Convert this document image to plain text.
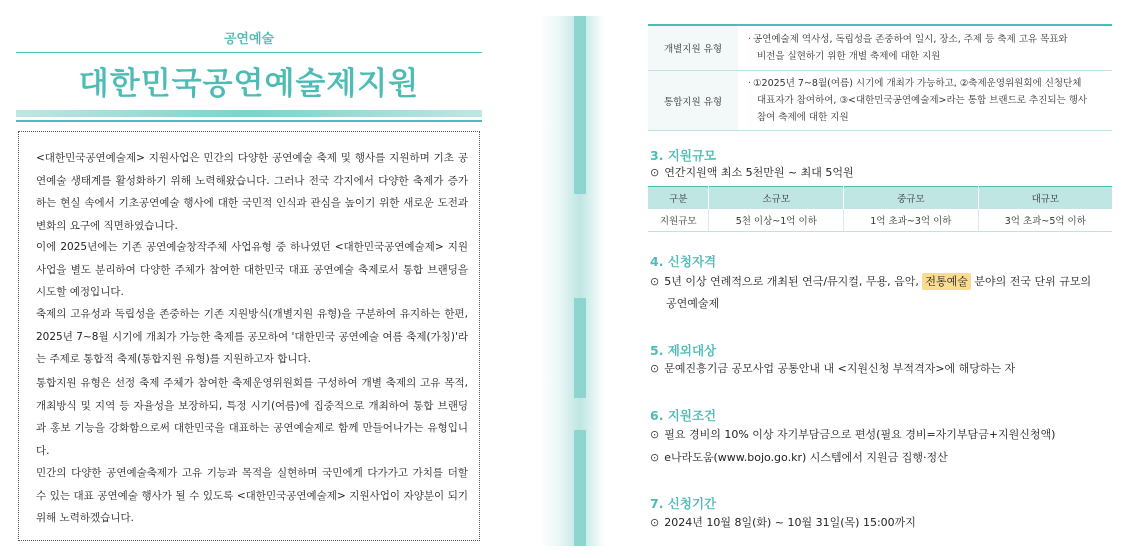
공연예술
대한민국공연예술제지원

<대한민국공연예술제> 지원사업은 민간의 다양한 공연예술 축제 및 행사를 지원하며 기초 공연예술 생태계를 활성화하기 위해 노력해왔습니다. 그러나 전국 각지에서 다양한 축제가 증가하는 현실 속에서 기초공연예술 행사에 대한 국민적 인식과 관심을 높이기 위한 새로운 도전과 변화의 요구에 직면하였습니다.

이에 2025년에는 기존 공연예술창작주체 사업유형 중 하나였던 <대한민국공연예술제> 지원사업을 별도 분리하여 다양한 주체가 참여한 대한민국 대표 공연예술 축제로서 통합 브랜딩을 시도할 예정입니다.

축제의 고유성과 독립성을 존중하는 기존 지원방식(개별지원 유형)을 구분하여 유지하는 한편, 2025년 7~8월 시기에 개최가 가능한 축제를 공모하여 '대한민국 공연예술 여름 축제(가칭)'라는 주제로 통합적 축제(통합지원 유형)를 지원하고자 합니다.

통합지원 유형은 선정 축제 주체가 참여한 축제운영위원회를 구성하여 개별 축제의 고유 목적, 개최방식 및 지역 등 자율성을 보장하되, 특정 시기(여름)에 집중적으로 개최하여 통합 브랜딩과 홍보 기능을 강화함으로써 대한민국을 대표하는 공연예술제로 함께 만들어나가는 유형입니다.

민간의 다양한 공연예술축제가 고유 기능과 목적을 실현하며 국민에게 다가가고 가치를 더할 수 있는 대표 공연예술 행사가 될 수 있도록 <대한민국공연예술제> 지원사업이 자양분이 되기 위해 노력하겠습니다.

개별지원 유형	· 공연예술제 역사성, 독립성을 존중하여 일시, 장소, 주제 등 축제 고유 목표와
비전을 실현하기 위한 개별 축제에 대한 지원
통합지원 유형	· ①2025년 7~8월(여름) 시기에 개최가 가능하고, ②축제운영위원회에 신청단체
대표자가 참여하여, ③<대한민국공연예술제>라는 통합 브랜드로 추진되는 행사
참여 축제에 대한 지원
3. 지원규모
⊙ 연간지원액 최소 5천만원 ~ 최대 5억원
구분	소규모	중규모	대규모
지원규모	5천 이상~1억 이하	1억 초과~3억 이하	3억 초과~5억 이하
4. 신청자격
⊙ 5년 이상 연례적으로 개최된 연극/뮤지컬, 무용, 음악, 전통예술 분야의 전국 단위 규모의
공연예술제
5. 제외대상
⊙ 문예진흥기금 공모사업 공통안내 내 <지원신청 부적격자>에 해당하는 자
6. 지원조건
⊙ 필요 경비의 10% 이상 자기부담금으로 편성(필요 경비=자기부담금+지원신청액)
⊙ e나라도움(www.bojo.go.kr) 시스템에서 지원금 집행·정산
7. 신청기간
⊙ 2024년 10월 8일(화) ~ 10월 31일(목) 15:00까지
